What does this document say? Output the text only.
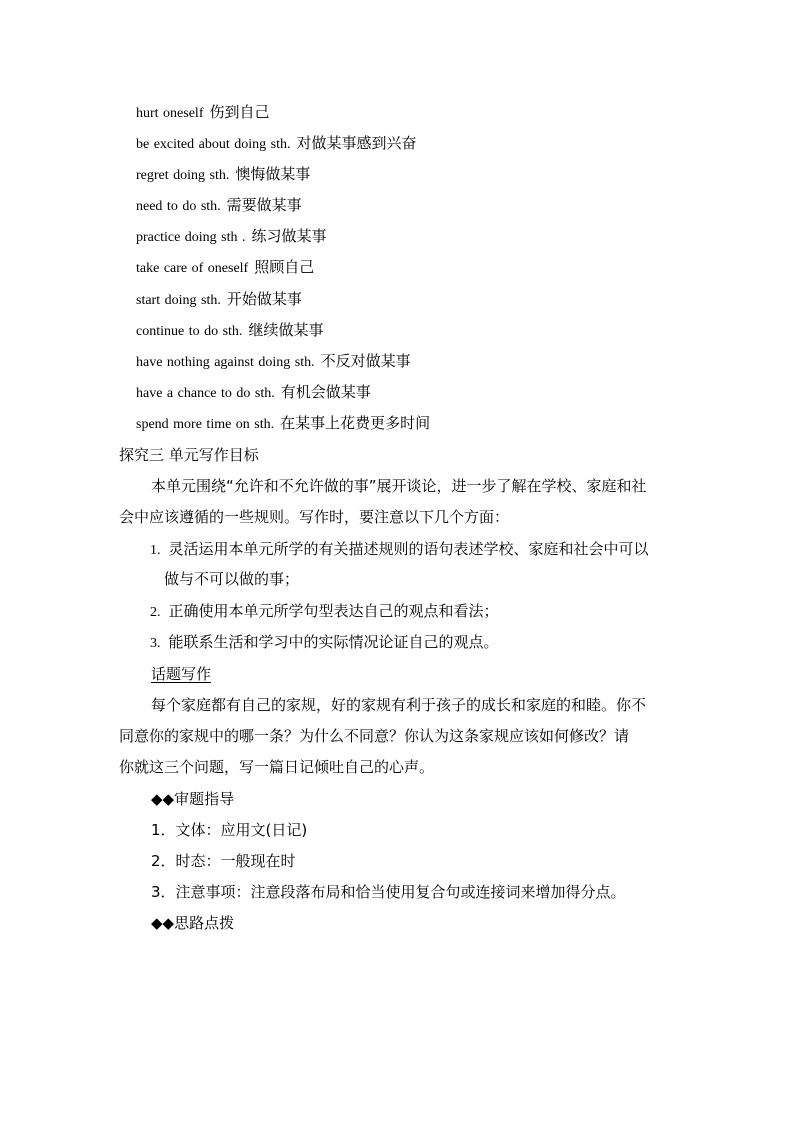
hurt oneself 伤到自己
be excited about doing sth. 对做某事感到兴奋
regret doing sth. 懊悔做某事
need to do sth. 需要做某事
practice doing sth . 练习做某事
take care of oneself 照顾自己
start doing sth. 开始做某事
continue to do sth. 继续做某事
have nothing against doing sth. 不反对做某事
have a chance to do sth. 有机会做某事
spend more time on sth. 在某事上花费更多时间
探究三 单元写作目标
本单元围绕“允许和不允许做的事”展开谈论，进一步了解在学校、家庭和社
会中应该遵循的一些规则。写作时，要注意以下几个方面：
1. 灵活运用本单元所学的有关描述规则的语句表述学校、家庭和社会中可以
做与不可以做的事；
2. 正确使用本单元所学句型表达自己的观点和看法；
3. 能联系生活和学习中的实际情况论证自己的观点。
话题写作
每个家庭都有自己的家规，好的家规有利于孩子的成长和家庭的和睦。你不
同意你的家规中的哪一条？为什么不同意？你认为这条家规应该如何修改？请
你就这三个问题，写一篇日记倾吐自己的心声。
◆◆审题指导
1．文体：应用文(日记)
2．时态：一般现在时
3．注意事项：注意段落布局和恰当使用复合句或连接词来增加得分点。
◆◆思路点拨
